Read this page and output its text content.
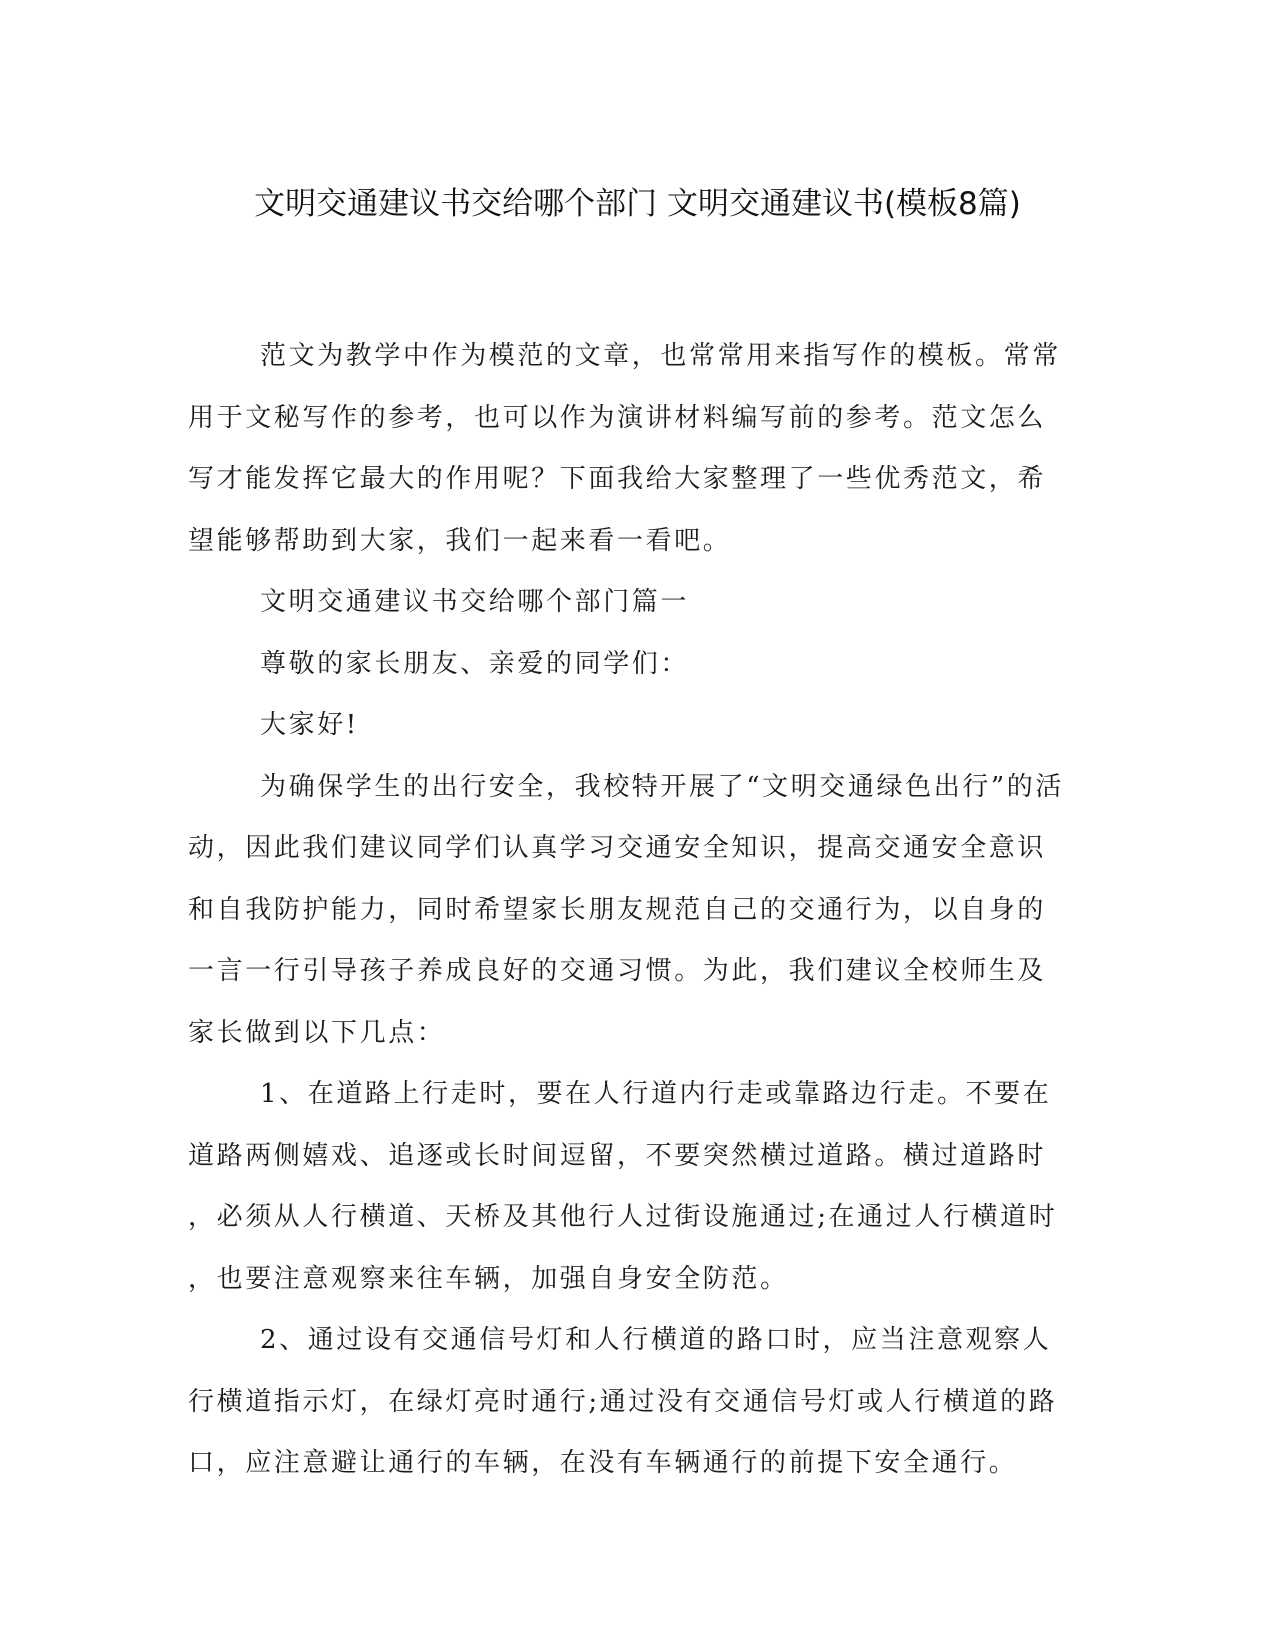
文明交通建议书交给哪个部门 文明交通建议书(模板8篇)

范文为教学中作为模范的文章，也常常用来指写作的模板。常常
用于文秘写作的参考，也可以作为演讲材料编写前的参考。范文怎么
写才能发挥它最大的作用呢？下面我给大家整理了一些优秀范文，希
望能够帮助到大家，我们一起来看一看吧。

文明交通建议书交给哪个部门篇一

尊敬的家长朋友、亲爱的同学们：

大家好!

为确保学生的出行安全，我校特开展了“文明交通绿色出行”的活
动，因此我们建议同学们认真学习交通安全知识，提高交通安全意识
和自我防护能力，同时希望家长朋友规范自己的交通行为，以自身的
一言一行引导孩子养成良好的交通习惯。为此，我们建议全校师生及
家长做到以下几点：

1、在道路上行走时，要在人行道内行走或靠路边行走。不要在
道路两侧嬉戏、追逐或长时间逗留，不要突然横过道路。横过道路时
，必须从人行横道、天桥及其他行人过街设施通过;在通过人行横道时
，也要注意观察来往车辆，加强自身安全防范。

2、通过设有交通信号灯和人行横道的路口时，应当注意观察人
行横道指示灯，在绿灯亮时通行;通过没有交通信号灯或人行横道的路
口，应注意避让通行的车辆，在没有车辆通行的前提下安全通行。
